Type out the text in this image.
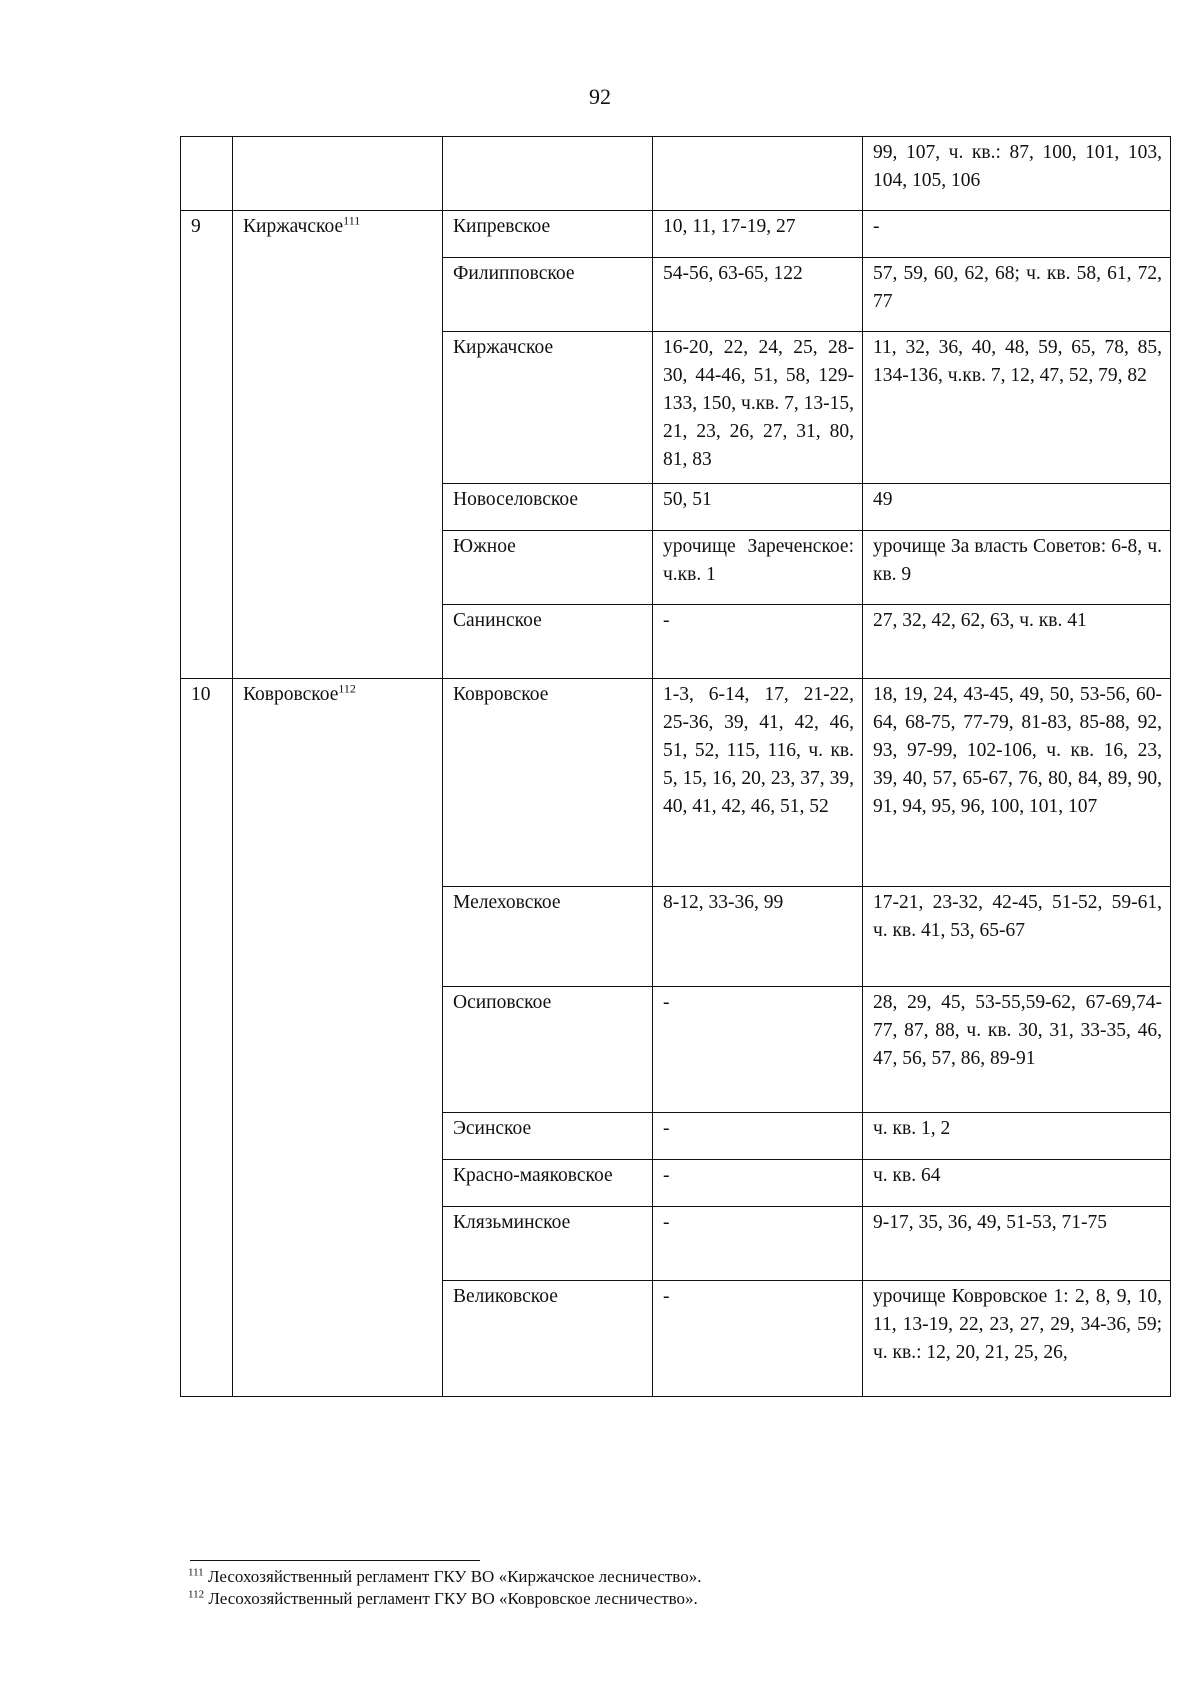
92
				99, 107, ч. кв.: 87, 100, 101, 103, 104, 105, 106
9	Киржачское$^{111}$	Кипревское	10, 11, 17-19, 27	-
		Филипповское	54-56, 63-65, 122	57, 59, 60, 62, 68; ч. кв. 58, 61, 72, 77
		Киржачское	16-20, 22, 24, 25, 28-30, 44-46, 51, 58, 129-133, 150, ч.кв. 7, 13-15, 21, 23, 26, 27, 31, 80, 81, 83	11, 32, 36, 40, 48, 59, 65, 78, 85, 134-136, ч.кв. 7, 12, 47, 52, 79, 82
		Новоселовское	50, 51	49
		Южное	урочище Зареченское: ч.кв. 1	урочище За власть Советов: 6-8, ч. кв. 9
		Санинское	-	27, 32, 42, 62, 63, ч. кв. 41
10	Ковровское$^{112}$	Ковровское	1-3, 6-14, 17, 21-22, 25-36, 39, 41, 42, 46, 51, 52, 115, 116, ч. кв. 5, 15, 16, 20, 23, 37, 39, 40, 41, 42, 46, 51, 52	18, 19, 24, 43-45, 49, 50, 53-56, 60-64, 68-75, 77-79, 81-83, 85-88, 92, 93, 97-99, 102-106, ч. кв. 16, 23, 39, 40, 57, 65-67, 76, 80, 84, 89, 90, 91, 94, 95, 96, 100, 101, 107
		Мелеховское	8-12, 33-36, 99	17-21, 23-32, 42-45, 51-52, 59-61, ч. кв. 41, 53, 65-67
		Осиповское	-	28, 29, 45, 53-55,59-62, 67-69,74-77, 87, 88, ч. кв. 30, 31, 33-35, 46, 47, 56, 57, 86, 89-91
		Эсинское	-	ч. кв. 1, 2
		Красно-маяковское	-	ч. кв. 64
		Клязьминское	-	9-17, 35, 36, 49, 51-53, 71-75
		Великовское	-	урочище Ковровское 1: 2, 8, 9, 10, 11, 13-19, 22, 23, 27, 29, 34-36, 59; ч. кв.: 12, 20, 21, 25, 26,
$^{111}$ Лесохозяйственный регламент ГКУ ВО «Киржачское лесничество».
$^{112}$ Лесохозяйственный регламент ГКУ ВО «Ковровское лесничество».
